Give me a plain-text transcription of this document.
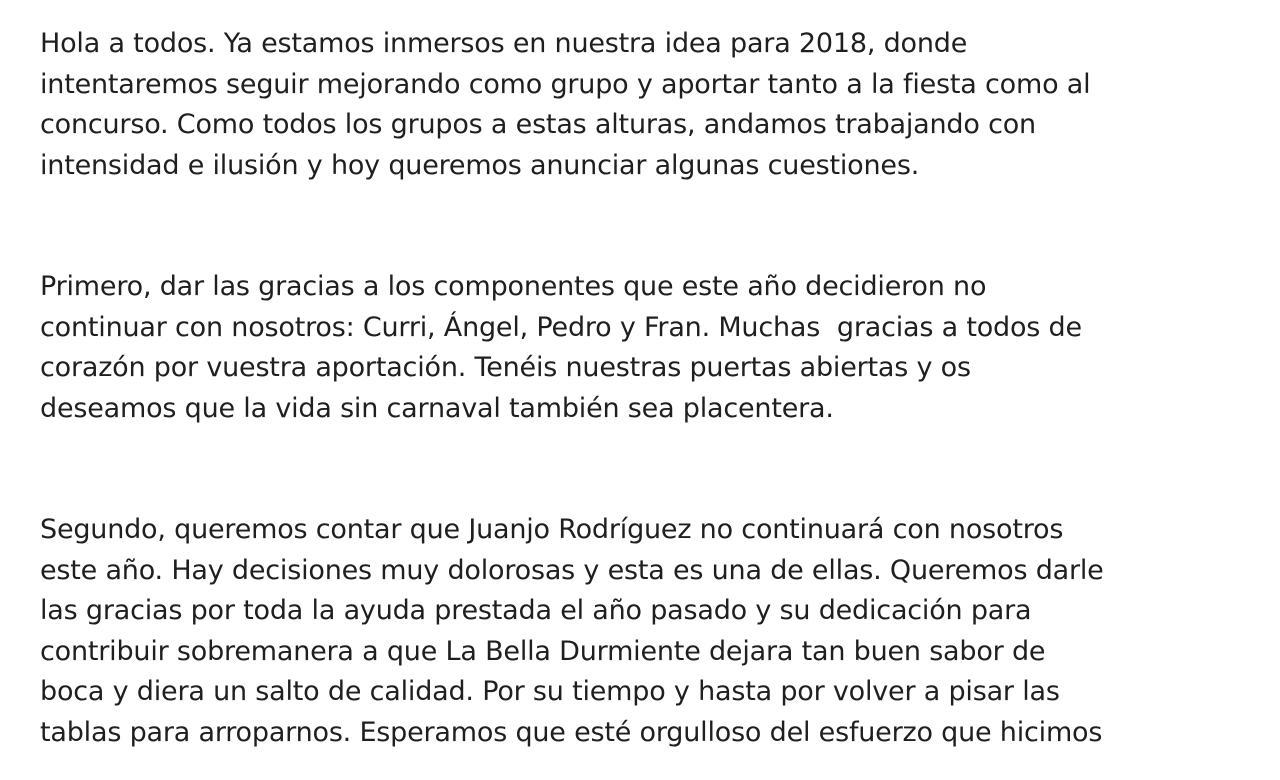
Hola a todos. Ya estamos inmersos en nuestra idea para 2018, donde
intentaremos seguir mejorando como grupo y aportar tanto a la fiesta como al
concurso. Como todos los grupos a estas alturas, andamos trabajando con
intensidad e ilusión y hoy queremos anunciar algunas cuestiones.

Primero, dar las gracias a los componentes que este año decidieron no
continuar con nosotros: Curri, Ángel, Pedro y Fran. Muchas  gracias a todos de
corazón por vuestra aportación. Tenéis nuestras puertas abiertas y os
deseamos que la vida sin carnaval también sea placentera.

Segundo, queremos contar que Juanjo Rodríguez no continuará con nosotros
este año. Hay decisiones muy dolorosas y esta es una de ellas. Queremos darle
las gracias por toda la ayuda prestada el año pasado y su dedicación para
contribuir sobremanera a que La Bella Durmiente dejara tan buen sabor de
boca y diera un salto de calidad. Por su tiempo y hasta por volver a pisar las
tablas para arroparnos. Esperamos que esté orgulloso del esfuerzo que hicimos
